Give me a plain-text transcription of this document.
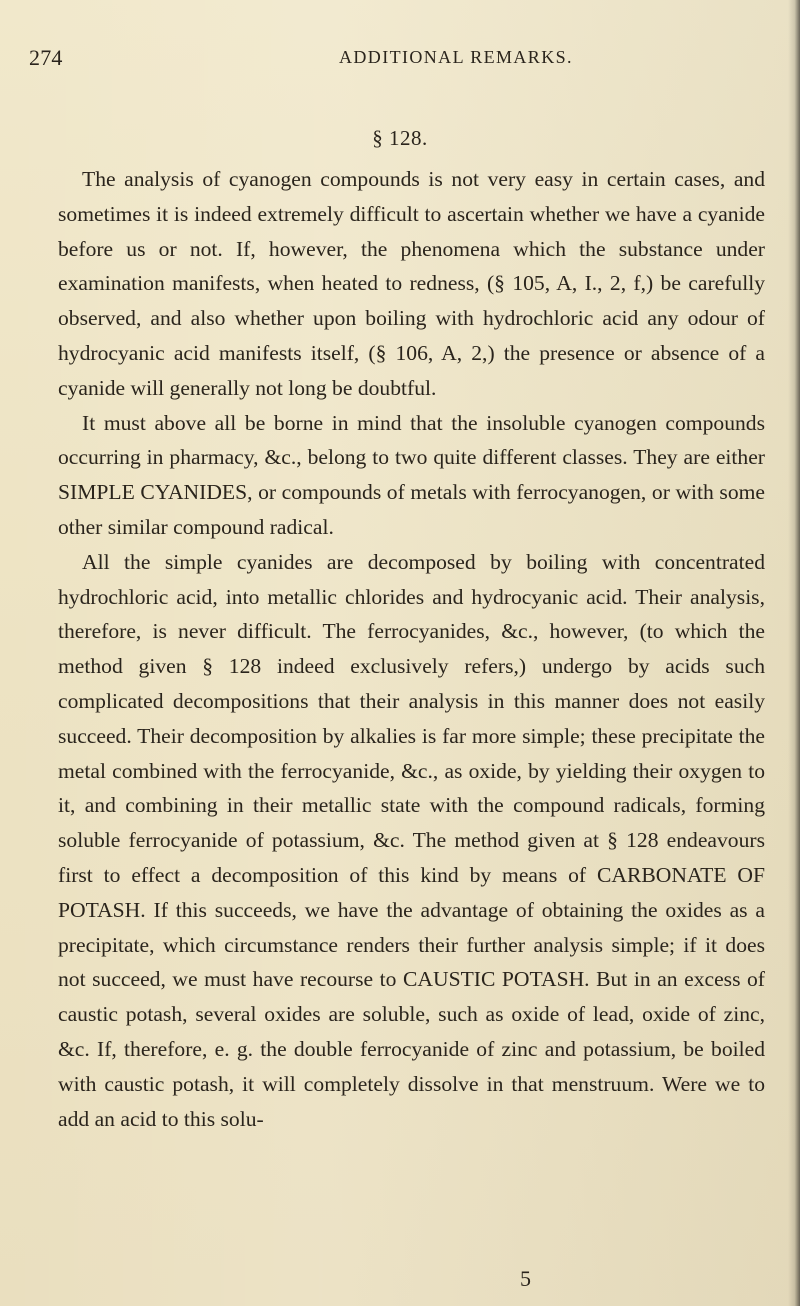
274	ADDITIONAL REMARKS.
§ 128.

The analysis of cyanogen compounds is not very easy in certain cases, and sometimes it is indeed extremely difficult to ascertain whether we have a cyanide before us or not. If, however, the phenomena which the substance under examination manifests, when heated to redness, (§ 105, A, I., 2, f,) be carefully observed, and also whether upon boiling with hydrochloric acid any odour of hydrocyanic acid manifests itself, (§ 106, A, 2,) the presence or absence of a cyanide will generally not long be doubtful.

It must above all be borne in mind that the insoluble cyanogen compounds occurring in pharmacy, &c., belong to two quite different classes. They are either SIMPLE CYANIDES, or compounds of metals with ferrocyanogen, or with some other similar compound radical.

All the simple cyanides are decomposed by boiling with concentrated hydrochloric acid, into metallic chlorides and hydrocyanic acid. Their analysis, therefore, is never difficult. The ferrocyanides, &c., however, (to which the method given § 128 indeed exclusively refers,) undergo by acids such complicated decompositions that their analysis in this manner does not easily succeed. Their decomposition by alkalies is far more simple; these precipitate the metal combined with the ferrocyanide, &c., as oxide, by yielding their oxygen to it, and combining in their metallic state with the compound radicals, forming soluble ferrocyanide of potassium, &c. The method given at § 128 endeavours first to effect a decomposition of this kind by means of CARBONATE OF POTASH. If this succeeds, we have the advantage of obtaining the oxides as a precipitate, which circumstance renders their further analysis simple; if it does not succeed, we must have recourse to CAUSTIC POTASH. But in an excess of caustic potash, several oxides are soluble, such as oxide of lead, oxide of zinc, &c. If, therefore, e. g. the double ferrocyanide of zinc and potassium, be boiled with caustic potash, it will completely dissolve in that menstruum. Were we to add an acid to this solu-

5
